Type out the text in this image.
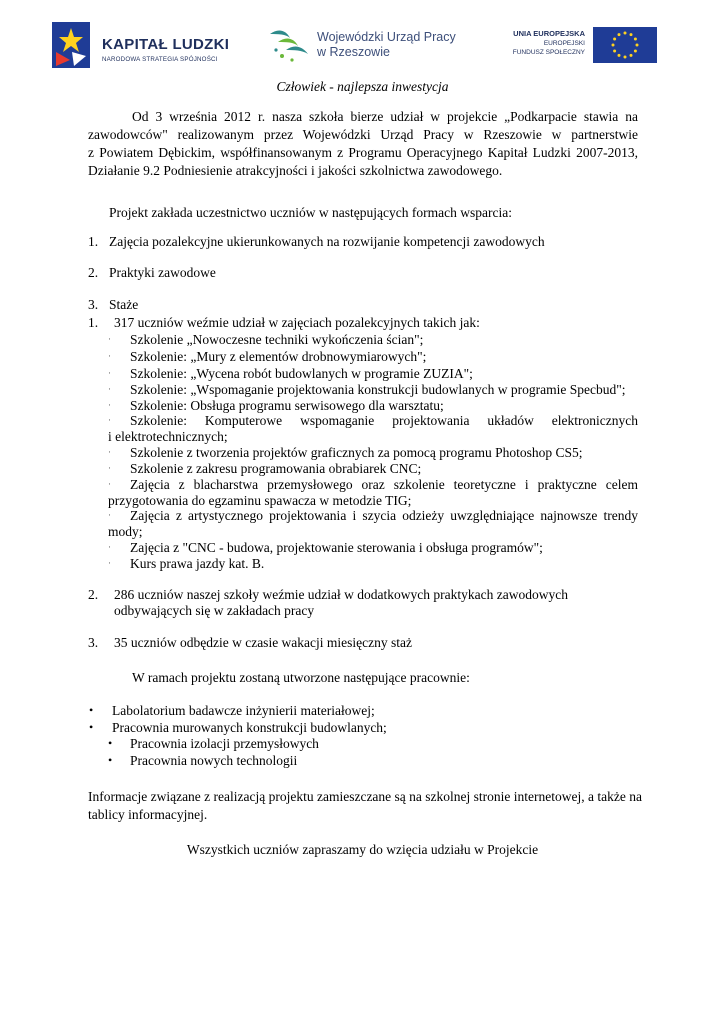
KAPITAŁ LUDZKI
NARODOWA STRATEGIA SPÓJNOŚCI
Wojewódzki Urząd Pracy
w Rzeszowie
UNIA EUROPEJSKA
EUROPEJSKI
FUNDUSZ SPOŁECZNY
Człowiek - najlepsza inwestycja
Od 3 września 2012 r. nasza szkoła bierze udział w projekcie „Podkarpacie stawia na
zawodowców" realizowanym przez Wojewódzki Urząd Pracy w Rzeszowie w partnerstwie
z Powiatem Dębickim, współfinansowanym z Programu Operacyjnego Kapitał Ludzki 2007-2013,
Działanie 9.2 Podniesienie atrakcyjności i jakości szkolnictwa zawodowego.
Projekt zakłada uczestnictwo uczniów w następujących formach wsparcia:
1. Zajęcia pozalekcyjne ukierunkowanych na rozwijanie kompetencji zawodowych
2. Praktyki zawodowe
3. Staże
1. 317 uczniów weźmie udział w zajęciach pozalekcyjnych takich jak:
· Szkolenie „Nowoczesne techniki wykończenia ścian";
· Szkolenie: „Mury z elementów drobnowymiarowych";
· Szkolenie: „Wycena robót budowlanych w programie ZUZIA";
· Szkolenie: „Wspomaganie projektowania konstrukcji budowlanych w programie Specbud";
· Szkolenie: Obsługa programu serwisowego dla warsztatu;
· Szkolenie: Komputerowe wspomaganie projektowania układów elektronicznych
i elektrotechnicznych;
· Szkolenie z tworzenia projektów graficznych za pomocą programu Photoshop CS5;
· Szkolenie z zakresu programowania obrabiarek CNC;
· Zajęcia z blacharstwa przemysłowego oraz szkolenie teoretyczne i praktyczne celem
przygotowania do egzaminu spawacza w metodzie TIG;
· Zajęcia z artystycznego projektowania i szycia odzieży uwzględniające najnowsze trendy
mody;
· Zajęcia z "CNC - budowa, projektowanie sterowania i obsługa programów";
· Kurs prawa jazdy kat. B.
2. 286 uczniów naszej szkoły weźmie udział w dodatkowych praktykach zawodowych
odbywających się w zakładach pracy
3. 35 uczniów odbędzie w czasie wakacji miesięczny staż
W ramach projektu zostaną utworzone następujące pracownie:
• Labolatorium badawcze inżynierii materiałowej;
• Pracownia murowanych konstrukcji budowlanych;
• Pracownia izolacji przemysłowych
• Pracownia nowych technologii
Informacje związane z realizacją projektu zamieszczane są na szkolnej stronie internetowej, a także na
tablicy informacyjnej.
Wszystkich uczniów zapraszamy do wzięcia udziału w Projekcie
